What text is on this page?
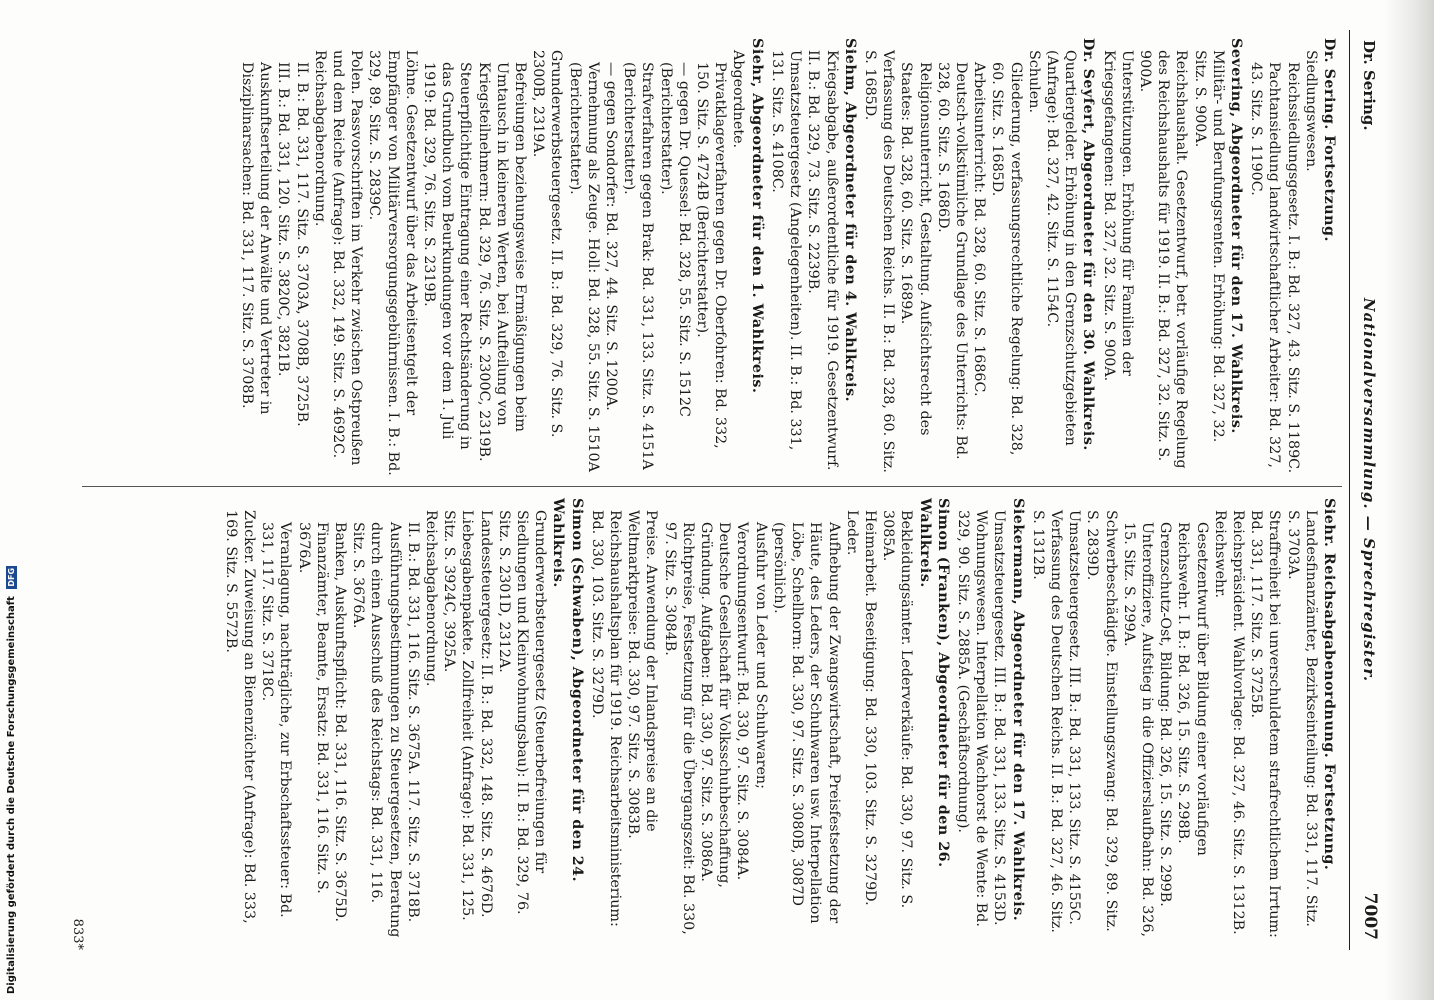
Dr. Sering.
Nationalversammlung. — Sprechregister.
7007

Dr. Sering. Fortsetzung.

Siedlungswesen.

Reichssiedlungsgesetz. I. B.: Bd. 327, 43. Sitz. S. 1189C.

Pachtansiedlung landwirtschaftlicher Arbeiter: Bd. 327, 43. Sitz. S. 1190C.

Severing, Abgeordneter für den 17. Wahlkreis.

Militär- und Berufungsrenten. Erhöhung: Bd. 327, 32. Sitz. S. 900A.

Reichshaushalt. Gesetzentwurf, betr. vorläufige Regelung des Reichshaushalts für 1919. II. B.: Bd. 327, 32. Sitz. S. 900A.

Unterstützungen. Erhöhung für Familien der Kriegsgefangenen: Bd. 327, 32. Sitz. S. 900A.

Dr. Seyfert, Abgeordneter für den 30. Wahlkreis.

Quartiergelder. Erhöhung in den Grenzschutzgebieten (Anfrage): Bd. 327, 42. Sitz. S. 1154C.

Schulen.

Gliederung, verfassungsrechtliche Regelung: Bd. 328, 60. Sitz. S. 1685D.

Arbeitsunterricht: Bd. 328, 60. Sitz. S. 1686C.

Deutsch-volkstümliche Grundlage des Unterrichts: Bd. 328, 60. Sitz. S. 1686D.

Religionsunterricht, Gestaltung. Aufsichtsrecht des Staates: Bd. 328, 60. Sitz. S. 1689A.

Verfassung des Deutschen Reichs. II. B.: Bd. 328, 60. Sitz. S. 1685D.

Siehm, Abgeordneter für den 4. Wahlkreis.

Kriegsabgabe, außerordentliche für 1919. Gesetzentwurf. II. B.: Bd. 329, 73. Sitz. S. 2239B.

Umsatzsteuergesetz (Angelegenheiten). II. B.: Bd. 331, 131. Sitz. S. 4108C.

Siehr, Abgeordneter für den 1. Wahlkreis.

Abgeordnete.

Privatklageverfahren gegen Dr. Oberfohren: Bd. 332, 150. Sitz. S. 4724B (Berichterstatter).

— gegen Dr. Quessel: Bd. 328, 55. Sitz. S. 1512C (Berichterstatter).

Strafverfahren gegen Brak: Bd. 331, 133. Sitz. S. 4151A (Berichterstatter).

— gegen Sondorfer: Bd. 327, 44. Sitz. S. 1200A.

Vernehmung als Zeuge. Holl: Bd. 328, 55. Sitz. S. 1510A (Berichterstatter).

Grunderwerbsteuergesetz. II. B.: Bd. 329, 76. Sitz. S. 2300B, 2319A.

Befreiungen beziehungsweise Ermäßigungen beim Umtausch in kleineren Werten, bei Aufteilung von Kriegsteilnehmern: Bd. 329, 76. Sitz. S. 2300C, 2319B.

Steuerpflichtige Eintragung einer Rechtsänderung in das Grundbuch vom Beurkundungen vor dem 1. Juli 1919: Bd. 329, 76. Sitz. S. 2319B.

Löhne. Gesetzentwurf über das Arbeitsentgelt der Empfänger von Militärversorgungsgebührnissen. I. B.: Bd. 329, 89. Sitz. S. 2839C.

Polen. Passvorschriften im Verkehr zwischen Ostpreußen und dem Reiche (Anfrage): Bd. 332, 149. Sitz. S. 4692C.

Reichsabgabenordnung.

II. B.: Bd. 331, 117. Sitz. S. 3703A, 3708B, 3725B.

III. B.: Bd. 331, 120. Sitz. S. 3820C, 3821B.

Auskunftserteilung der Anwälte und Vertreter in Disziplinarsachen: Bd. 331, 117. Sitz. S. 3708B.

Siehr. Reichsabgabenordnung. Fortsetzung.

Landesfinanzämter, Bezirkseinteilung: Bd. 331, 117. Sitz. S. 3703A.

Straffreiheit bei unverschuldetem strafrechtlichem Irrtum: Bd. 331, 117. Sitz. S. 3725B.

Reichspräsident. Wahlvorlage: Bd. 327, 46. Sitz. S. 1312B.

Reichswehr.

Gesetzentwurf über Bildung einer vorläufigen Reichswehr. I. B.: Bd. 326, 15. Sitz. S. 298B.

Grenzschutz-Ost, Bildung: Bd. 326, 15. Sitz. S. 299B.

Unteroffiziere, Aufstieg in die Offizierslaufbahn: Bd. 326, 15. Sitz. S. 299A.

Schwerbeschädigte. Einstellungszwang: Bd. 329, 89. Sitz. S. 2839D.

Umsatzsteuergesetz. III. B.: Bd. 331, 133. Sitz. S. 4155C.

Verfassung des Deutschen Reichs. II. B.: Bd. 327, 46. Sitz. S. 1312B.

Siekermann, Abgeordneter für den 17. Wahlkreis.

Umsatzsteuergesetz. III. B.: Bd. 331, 133. Sitz. S. 4153D.

Wohnungswesen. Interpellation Wachhorst de Wente: Bd. 329, 90. Sitz. S. 2885A. (Geschäftsordnung).

Simon (Franken), Abgeordneter für den 26. Wahlkreis.

Bekleidungsämter. Lederverkäufe: Bd. 330, 97. Sitz. S. 3085A.

Heimarbeit. Beseitigung: Bd. 330, 103. Sitz. S. 3279D.

Leder.

Aufhebung der Zwangswirtschaft, Preisfestsetzung der Häute, des Leders, der Schuhwaren usw. Interpellation Löbe, Schellhorn: Bd. 330, 97. Sitz. S. 3080B, 3087D (persönlich).

Ausfuhr von Leder und Schuhwaren; Verordnungsentwurf: Bd. 330, 97. Sitz. S. 3084A.

Deutsche Gesellschaft für Volksschuhbeschaffung, Gründung. Aufgaben: Bd. 330, 97. Sitz. S. 3086A.

Richtpreise, Festsetzung für die Übergangszeit: Bd. 330, 97. Sitz. S. 3084B.

Preise. Anwendung der Inlandspreise an die Weltmarktpreise: Bd. 330, 97. Sitz. S. 3083B.

Reichshaushaltsplan für 1919. Reichsarbeitsministerium: Bd. 330, 103. Sitz. S. 3279D.

Simon (Schwaben), Abgeordneter für den 24. Wahlkreis.

Grunderwerbsteuergesetz (Steuerbefreiungen für Siedlungen und Kleinwohnungsbau): II. B.: Bd. 329, 76. Sitz. S. 2301D, 2312A.

Landessteuergesetz: II. B.: Bd. 332, 148. Sitz. S. 4676D.

Liebesgabenpakete. Zollfreiheit (Anfrage): Bd. 331, 125. Sitz. S. 3924C, 3925A.

Reichsabgabenordnung.

II. B.: Bd. 331, 116. Sitz. S. 3675A. 117. Sitz. S. 3718B.

Ausführungsbestimmungen zu Steuergesetzen, Beratung durch einen Ausschuß des Reichstags: Bd. 331, 116. Sitz. S. 3676A.

Banken, Auskunftspflicht: Bd. 331, 116. Sitz. S. 3675D.

Finanzämter, Beamte, Ersatz: Bd. 331, 116. Sitz. S. 3676A.

Veranlagung, nachträgliche, zur Erbschaftssteuer: Bd. 331, 117. Sitz. S. 3718C.

Zucker. Zuweisung an Bienenzüchter (Anfrage): Bd. 333, 169. Sitz. S. 5572B.

833*
Digitalisierung gefördert durch die Deutsche Forschungsgemeinschaft DFG
